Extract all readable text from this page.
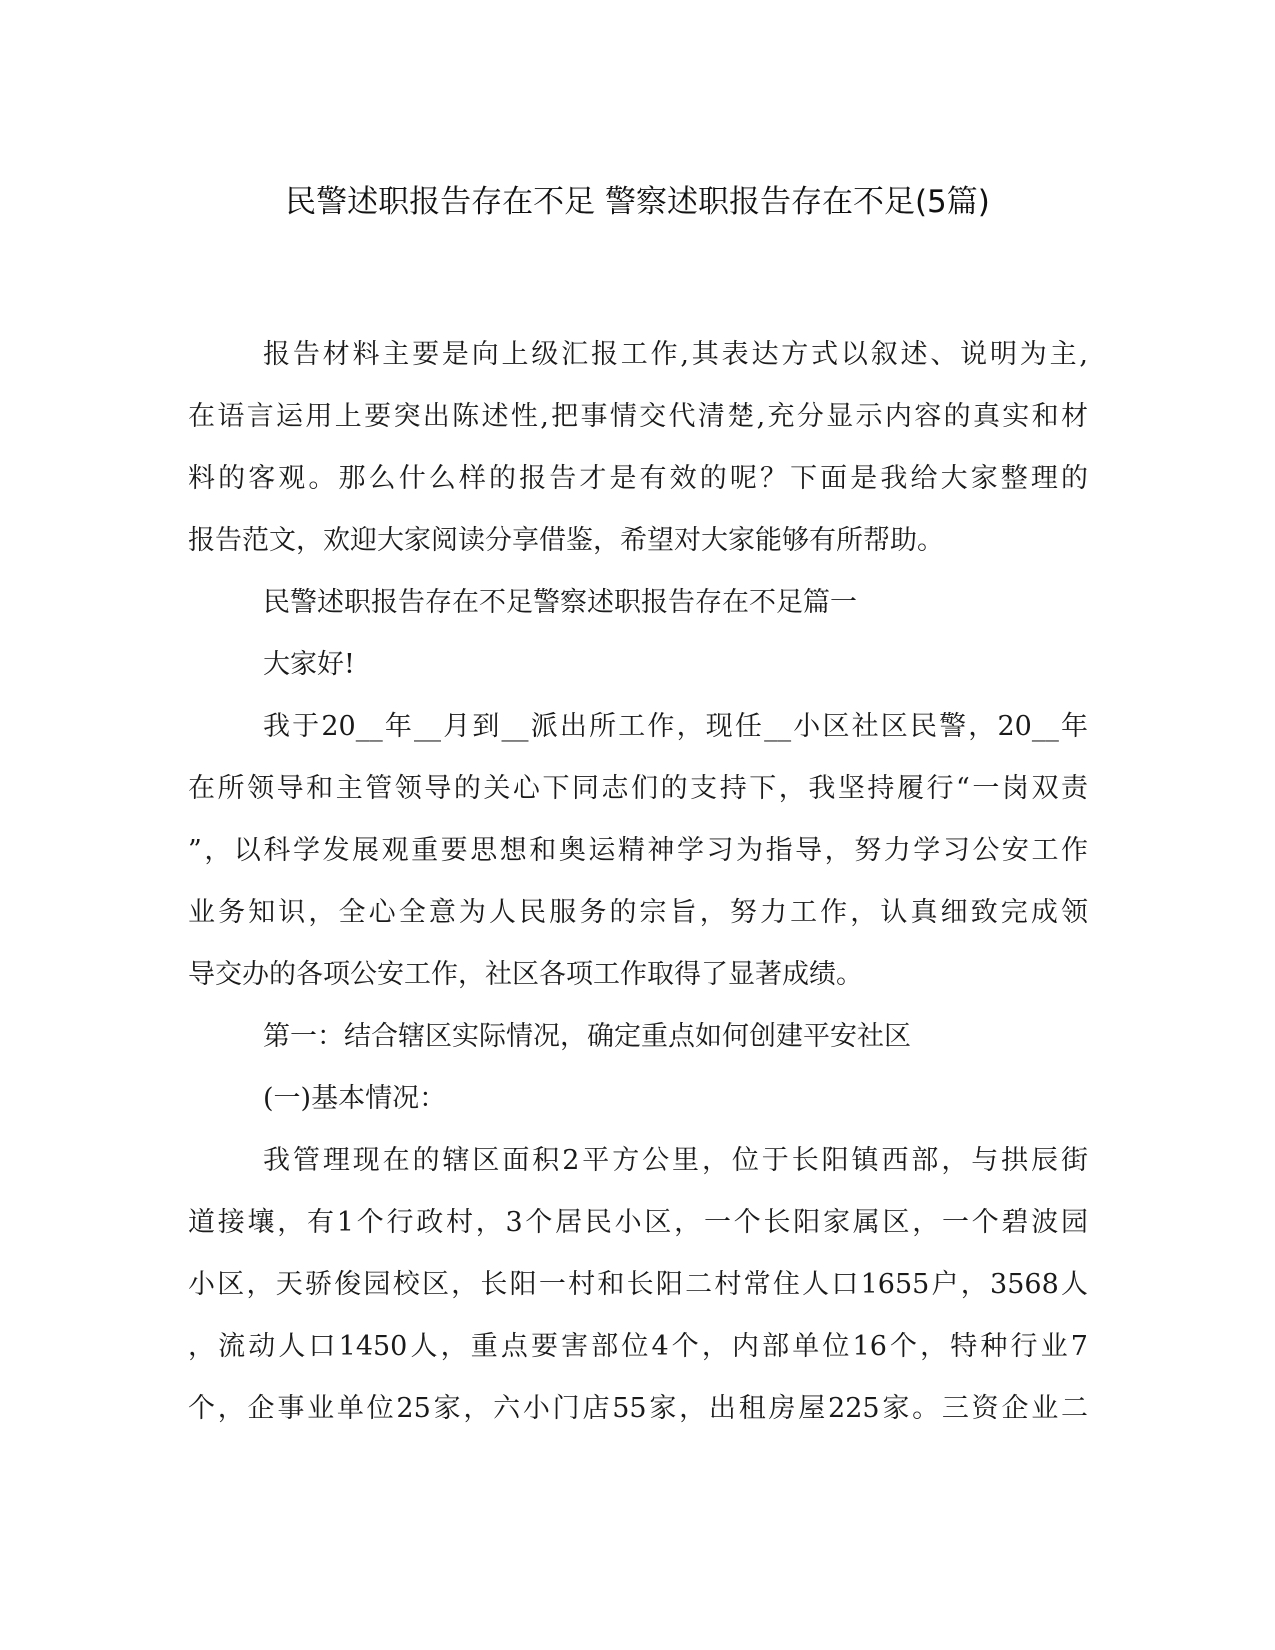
民警述职报告存在不足 警察述职报告存在不足(5篇)
报告材料主要是向上级汇报工作,其表达方式以叙述、说明为主,
在语言运用上要突出陈述性,把事情交代清楚,充分显示内容的真实和材
料的客观。那么什么样的报告才是有效的呢？下面是我给大家整理的
报告范文，欢迎大家阅读分享借鉴，希望对大家能够有所帮助。
民警述职报告存在不足警察述职报告存在不足篇一
大家好!
我于20__年__月到__派出所工作，现任__小区社区民警，20__年
在所领导和主管领导的关心下同志们的支持下，我坚持履行“一岗双责
”，以科学发展观重要思想和奥运精神学习为指导，努力学习公安工作
业务知识，全心全意为人民服务的宗旨，努力工作，认真细致完成领
导交办的各项公安工作，社区各项工作取得了显著成绩。
第一：结合辖区实际情况，确定重点如何创建平安社区
(一)基本情况：
我管理现在的辖区面积2平方公里，位于长阳镇西部，与拱辰街
道接壤，有1个行政村，3个居民小区，一个长阳家属区，一个碧波园
小区，天骄俊园校区，长阳一村和长阳二村常住人口1655户，3568人
，流动人口1450人，重点要害部位4个，内部单位16个，特种行业7
个，企事业单位25家，六小门店55家，出租房屋225家。三资企业二
